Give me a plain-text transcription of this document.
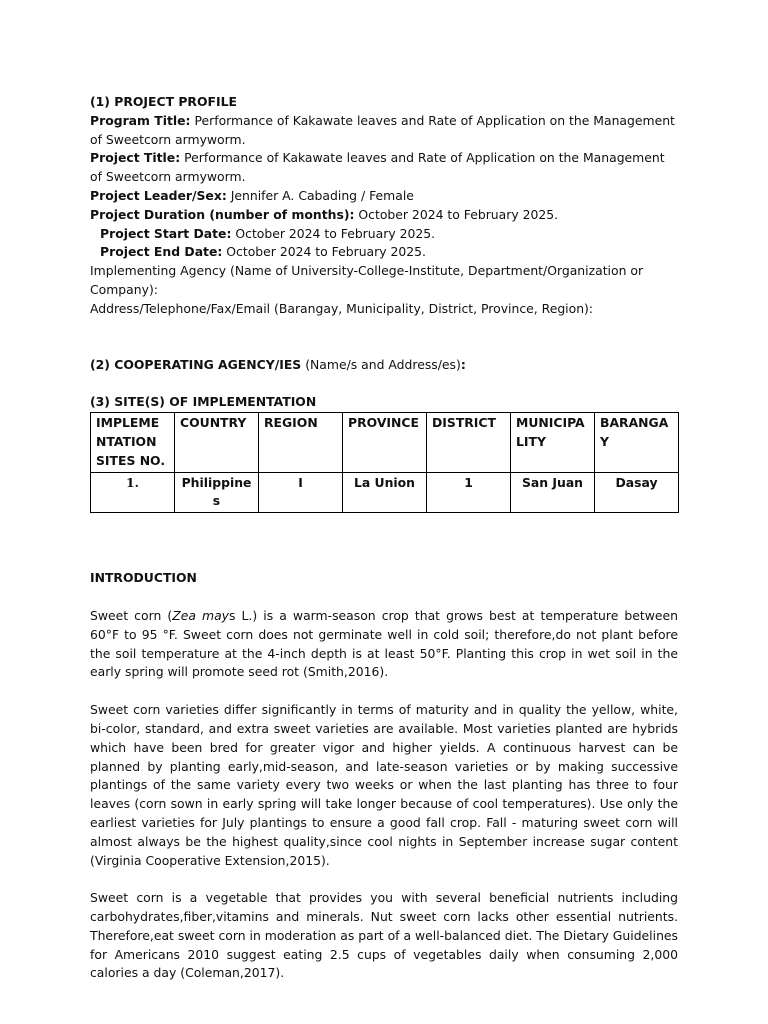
(1) PROJECT PROFILE

Program Title: Performance of Kakawate leaves and Rate of Application on the Management of Sweetcorn armyworm.

Project Title: Performance of Kakawate leaves and Rate of Application on the Management of Sweetcorn armyworm.

Project Leader/Sex: Jennifer A. Cabading / Female

Project Duration (number of months): October 2024 to February 2025.

Project Start Date: October 2024 to February 2025.

Project End Date: October 2024 to February 2025.

Implementing Agency (Name of University-College-Institute, Department/Organization or Company):

Address/Telephone/Fax/Email (Barangay, Municipality, District, Province, Region):

(2) COOPERATING AGENCY/IES (Name/s and Address/es):

(3) SITE(S) OF IMPLEMENTATION

IMPLEMENTATION SITES NO.	COUNTRY	REGION	PROVINCE	DISTRICT	MUNICIPALITY	BARANGAY
1.	Philippines	I	La Union	1	San Juan	Dasay

INTRODUCTION

Sweet corn (Zea mays L.) is a warm-season crop that grows best at temperature between 60°F to 95 °F. Sweet corn does not germinate well in cold soil; therefore,do not plant before the soil temperature at the 4-inch depth is at least 50°F. Planting this crop in wet soil in the early spring will promote seed rot (Smith,2016).

Sweet corn varieties differ significantly in terms of maturity and in quality the yellow, white, bi-color, standard, and extra sweet varieties are available. Most varieties planted are hybrids which have been bred for greater vigor and higher yields. A continuous harvest can be planned by planting early,mid-season, and late-season varieties or by making successive plantings of the same variety every two weeks or when the last planting has three to four leaves (corn sown in early spring will take longer because of cool temperatures). Use only the earliest varieties for July plantings to ensure a good fall crop. Fall - maturing sweet corn will almost always be the highest quality,since cool nights in September increase sugar content (Virginia Cooperative Extension,2015).

Sweet corn is a vegetable that provides you with several beneficial nutrients including carbohydrates,fiber,vitamins and minerals. Nut sweet corn lacks other essential nutrients. Therefore,eat sweet corn in moderation as part of a well-balanced diet. The Dietary Guidelines for Americans 2010 suggest eating 2.5 cups of vegetables daily when consuming 2,000 calories a day (Coleman,2017).
